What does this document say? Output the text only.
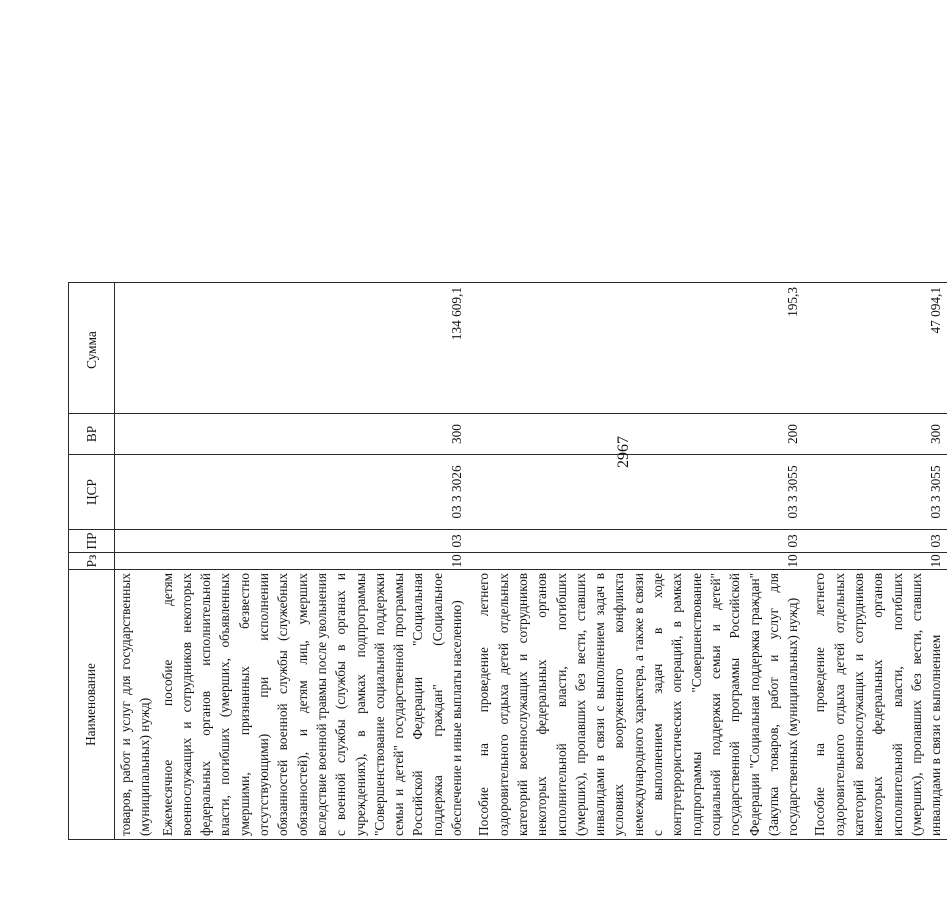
2967
Наименование	Рз	ПР	ЦСР	ВР	Сумма
товаров, работ и услуг для государственных (муниципальных) нужд)					
Ежемесячное пособие детям военнослужащих и сотрудников некоторых федеральных органов исполнительной власти, погибших (умерших, объявленных умершими, признанных безвестно отсутствующими) при исполнении обязанностей военной службы (служебных обязанностей), и детям лиц, умерших вследствие военной травмы после увольнения с военной службы (службы в органах и учреждениях), в рамках подпрограммы "Совершенствование социальной поддержки семьи и детей" государственной программы Российской Федерации "Социальная поддержка граждан" (Социальное обеспечение и иные выплаты населению)	10	03	03 3 3026	300	134 609,1
Пособие на проведение летнего оздоровительного отдыха детей отдельных категорий военнослужащих и сотрудников некоторых федеральных органов исполнительной власти, погибших (умерших), пропавших без вести, ставших инвалидами в связи с выполнением задач в условиях вооруженного конфликта немеждународного характера, а также в связи с выполнением задач в ходе контртеррористических операций, в рамках подпрограммы "Совершенствование социальной поддержки семьи и детей" государственной программы Российской Федерации "Социальная поддержка граждан" (Закупка товаров, работ и услуг для государственных (муниципальных) нужд)	10	03	03 3 3055	200	195,3
Пособие на проведение летнего оздоровительного отдыха детей отдельных категорий военнослужащих и сотрудников некоторых федеральных органов исполнительной власти, погибших (умерших), пропавших без вести, ставших инвалидами в связи с выполнением	10	03	03 3 3055	300	47 094,1
